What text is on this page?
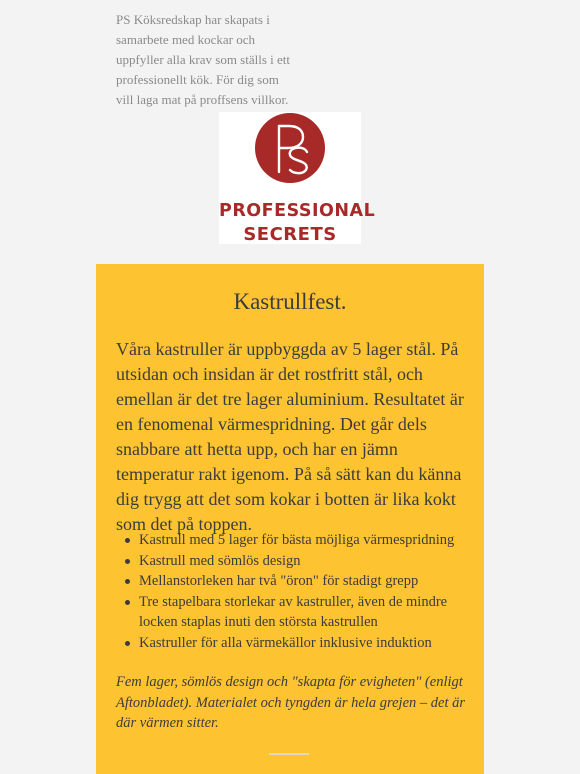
PS Köksredskap har skapats i samarbete med kockar och uppfyller alla krav som ställs i ett professionellt kök. För dig som vill laga mat på proffsens villkor.

PROFESSIONAL
SECRETS
Kastrullfest.

Våra kastruller är uppbyggda av 5 lager stål. På utsidan och insidan är det rostfritt stål, och emellan är det tre lager aluminium. Resultatet är en fenomenal värmespridning. Det går dels snabbare att hetta upp, och har en jämn temperatur rakt igenom. På så sätt kan du känna dig trygg att det som kokar i botten är lika kokt som det på toppen.

Kastrull med 5 lager för bästa möjliga värmespridning
Kastrull med sömlös design
Mellanstorleken har två "öron" för stadigt grepp
Tre stapelbara storlekar av kastruller, även de mindre locken staplas inuti den största kastrullen
Kastruller för alla värmekällor inklusive induktion

Fem lager, sömlös design och "skapta för evigheten" (enligt Aftonbladet). Materialet och tyngden är hela grejen – det är där värmen sitter.
